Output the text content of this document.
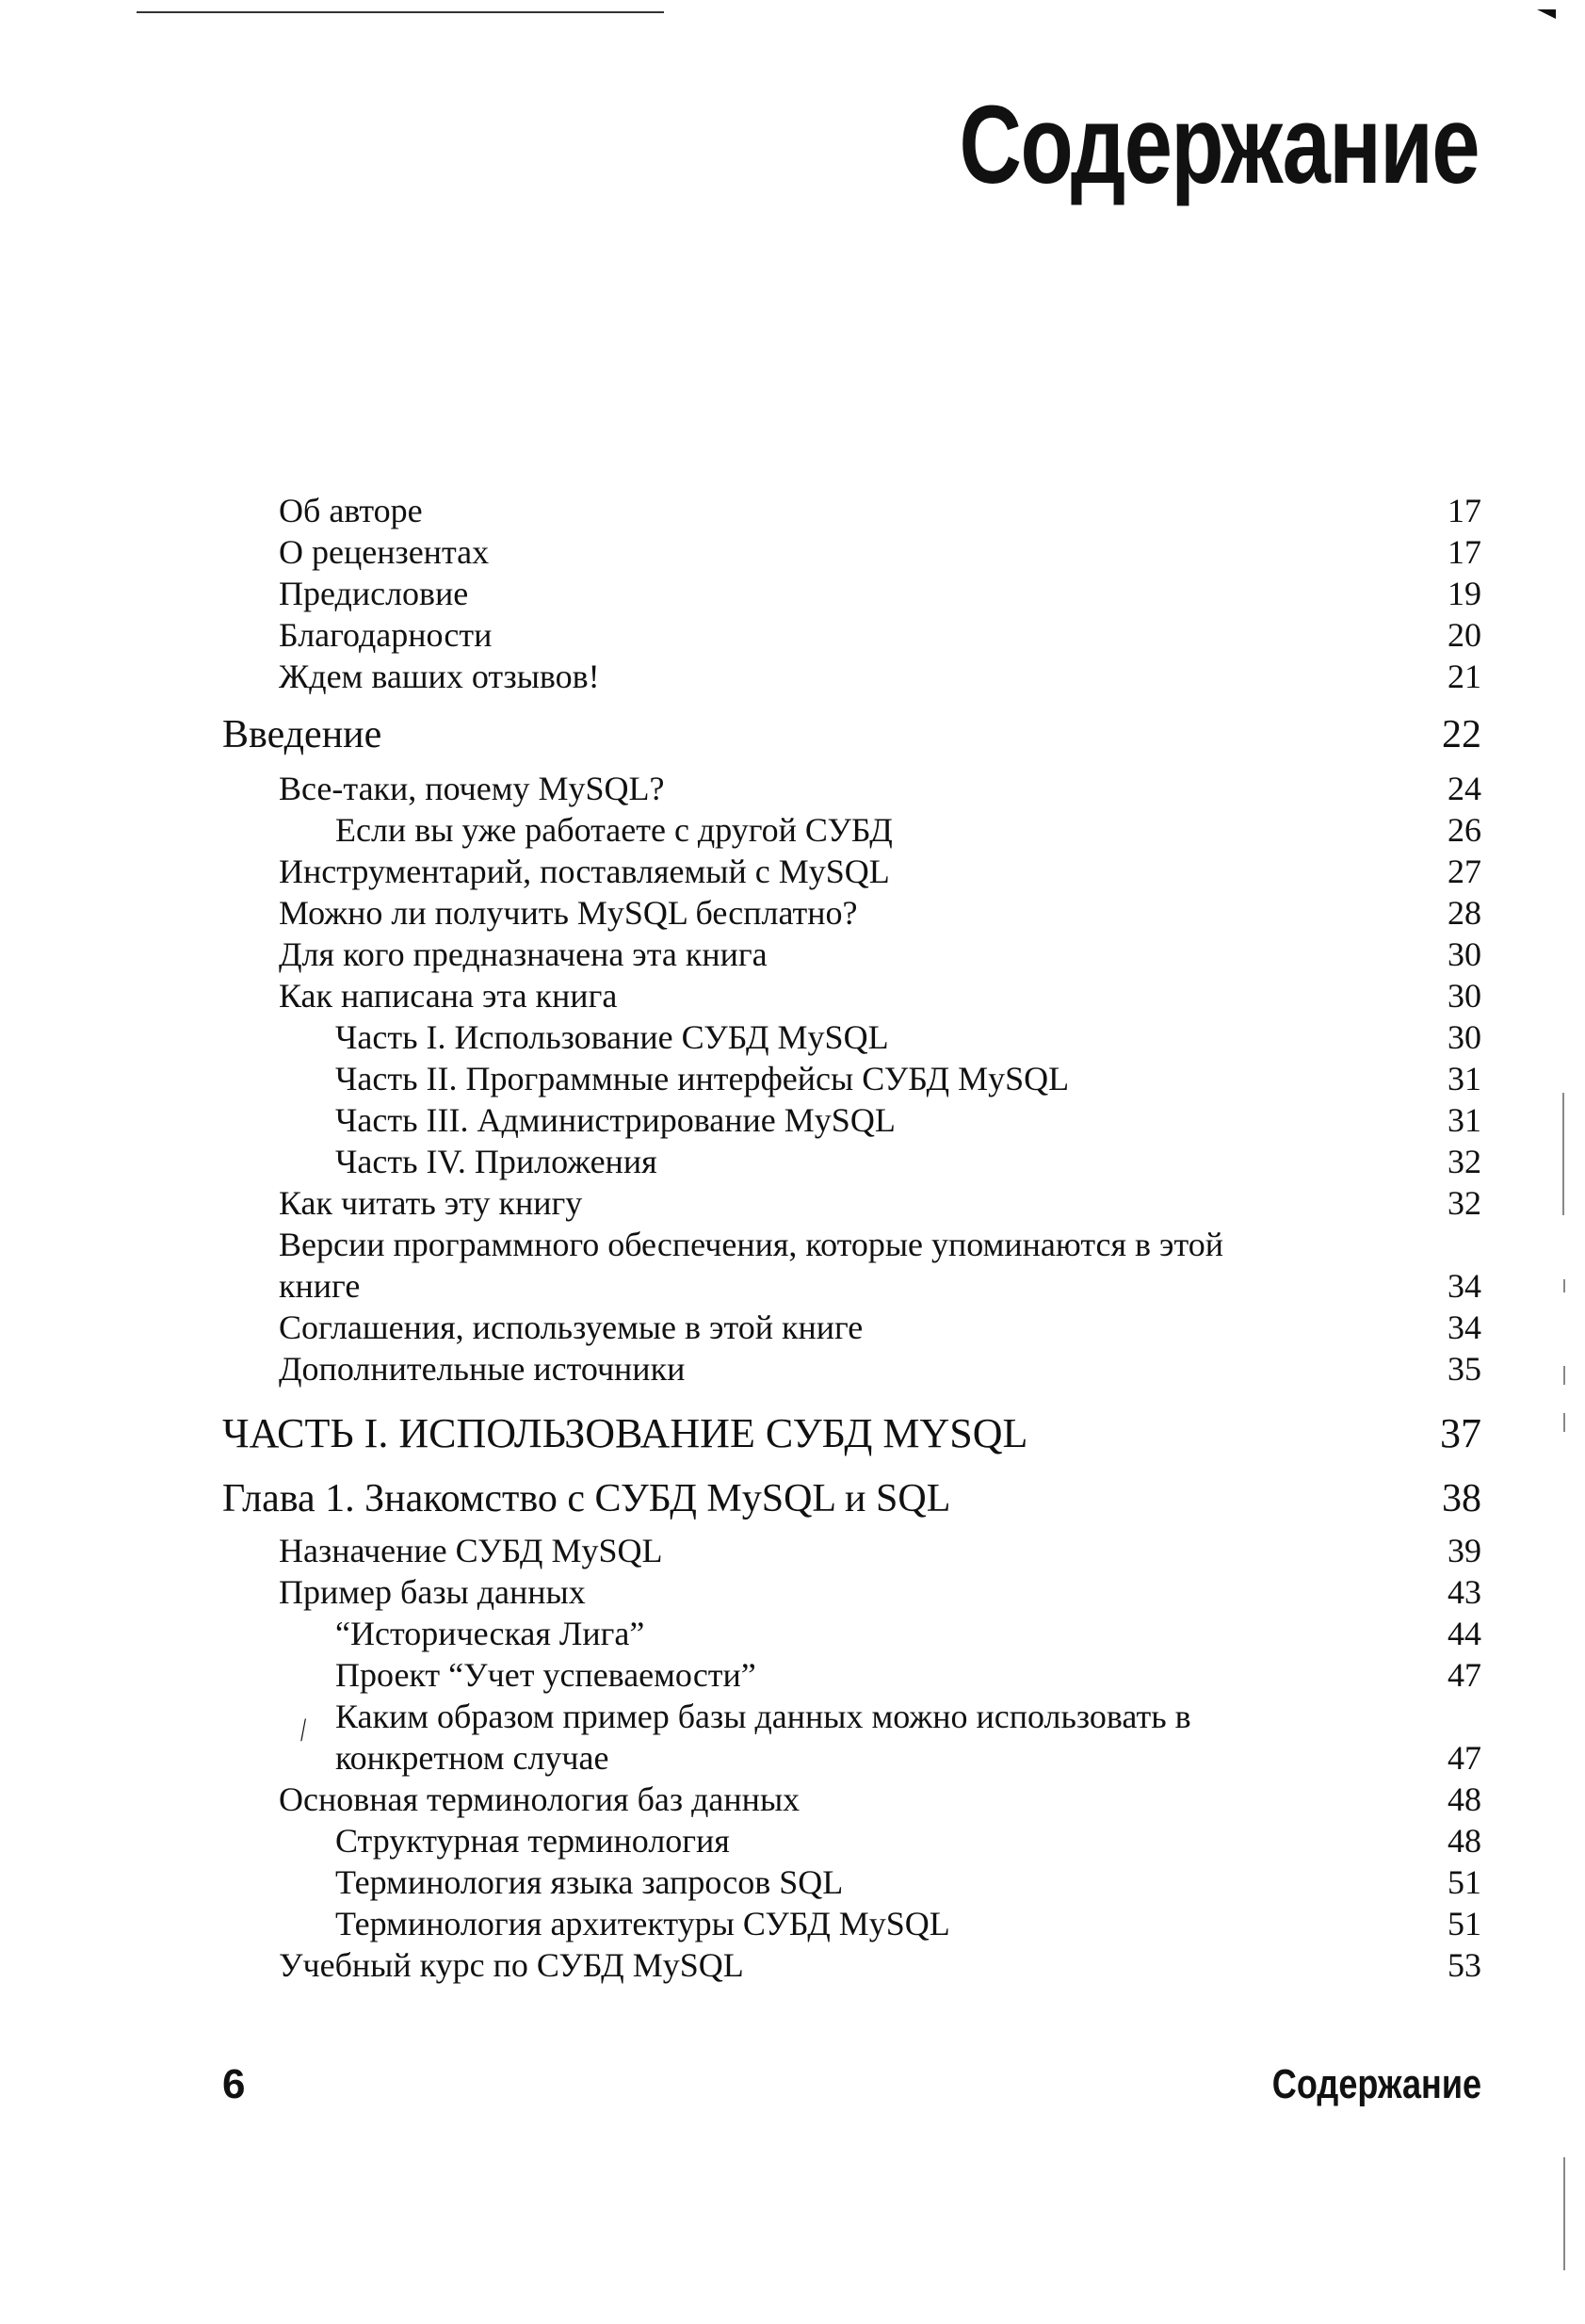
Содержание
Об авторе	17
О рецензентах	17
Предисловие	19
Благодарности	20
Ждем ваших отзывов!	21
Введение	22
Все-таки, почему MySQL?	24
Если вы уже работаете с другой СУБД	26
Инструментарий, поставляемый с MySQL	27
Можно ли получить MySQL бесплатно?	28
Для кого предназначена эта книга	30
Как написана эта книга	30
Часть I. Использование СУБД MySQL	30
Часть II. Программные интерфейсы СУБД MySQL	31
Часть III. Администрирование MySQL	31
Часть IV. Приложения	32
Как читать эту книгу	32
Версии программного обеспечения, которые упоминаются в этой
книге	34
Соглашения, используемые в этой книге	34
Дополнительные источники	35
ЧАСТЬ I. ИСПОЛЬЗОВАНИЕ СУБД MYSQL	37
Глава 1. Знакомство с СУБД MySQL и SQL	38
Назначение СУБД MySQL	39
Пример базы данных	43
“Историческая Лига”	44
Проект “Учет успеваемости”	47
Каким образом пример базы данных можно использовать в
конкретном случае	47
Основная терминология баз данных	48
Структурная терминология	48
Терминология языка запросов SQL	51
Терминология архитектуры СУБД MySQL	51
Учебный курс по СУБД MySQL	53
⁄
6	Содержание
